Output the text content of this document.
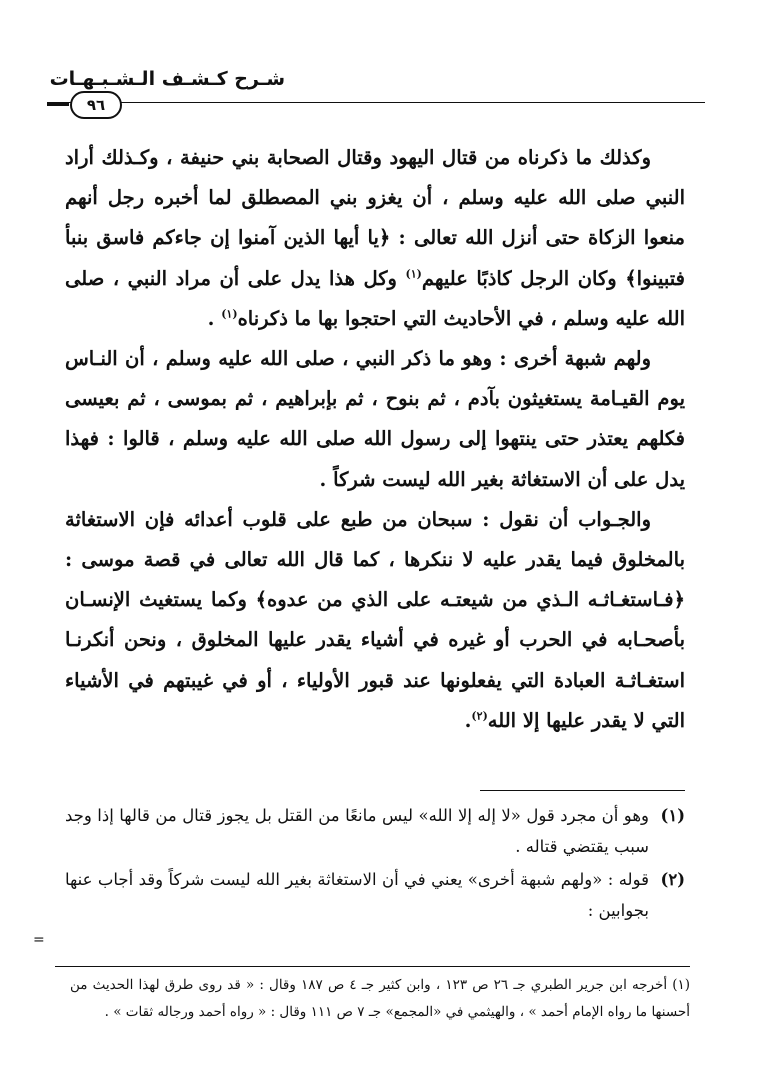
شـرح كـشـف الـشـبـهـات
٩٦

وكذلك ما ذكرناه من قتال اليهود وقتال الصحابة بني حنيفة ، وكـذلك أراد النبي صلى الله عليه وسلم ، أن يغزو بني المصطلق لما أخبره رجل أنهم منعوا الزكاة حتى أنزل الله تعالى : ﴿يا أيها الذين آمنوا إن جاءكم فاسق بنبأ فتبينوا﴾ وكان الرجل كاذبًا عليهم$^{(١)}$ وكل هذا يدل على أن مراد النبي ، صلى الله عليه وسلم ، في الأحاديث التي احتجوا بها ما ذكرناه$^{(١)}$ .

ولهم شبهة أخرى : وهو ما ذكر النبي ، صلى الله عليه وسلم ، أن النـاس يوم القيـامة يستغيثون بآدم ، ثم بنوح ، ثم بإبراهيم ، ثم بموسى ، ثم بعيسى فكلهم يعتذر حتى ينتهوا إلى رسول الله صلى الله عليه وسلم ، قالوا : فهذا يدل على أن الاستغاثة بغير الله ليست شركاً .

والجـواب أن نقول : سبحان من طبع على قلوب أعدائه فإن الاستغاثة بالمخلوق فيما يقدر عليه لا ننكرها ، كما قال الله تعالى في قصة موسى : ﴿فـاستغـاثـه الـذي من شيعتـه على الذي من عدوه﴾ وكما يستغيث الإنسـان بأصحـابه في الحرب أو غيره في أشياء يقدر عليها المخلوق ، ونحن أنكرنـا استغـاثـة العبادة التي يفعلونها عند قبور الأولياء ، أو في غيبتهم في الأشياء التي لا يقدر عليها إلا الله$^{(٢)}$.

(١)
وهو أن مجرد قول «لا إله إلا الله» ليس مانعًا من القتل بل يجوز قتال من قالها إذا وجد سبب يقتضي قتاله .

(٢)
قوله : «ولهم شبهة أخرى» يعني في أن الاستغاثة بغير الله ليست شركاً وقد أجاب عنها بجوابين :

=

(١) أخرجه ابن جرير الطبري جـ ٢٦ ص ١٢٣ ، وابن كثير جـ ٤ ص ١٨٧ وقال : « قد روى طرق لهذا الحديث من أحسنها ما رواه الإمام أحمد » ، والهيثمي في «المجمع» جـ ٧ ص ١١١ وقال : « رواه أحمد ورجاله ثقات » .
